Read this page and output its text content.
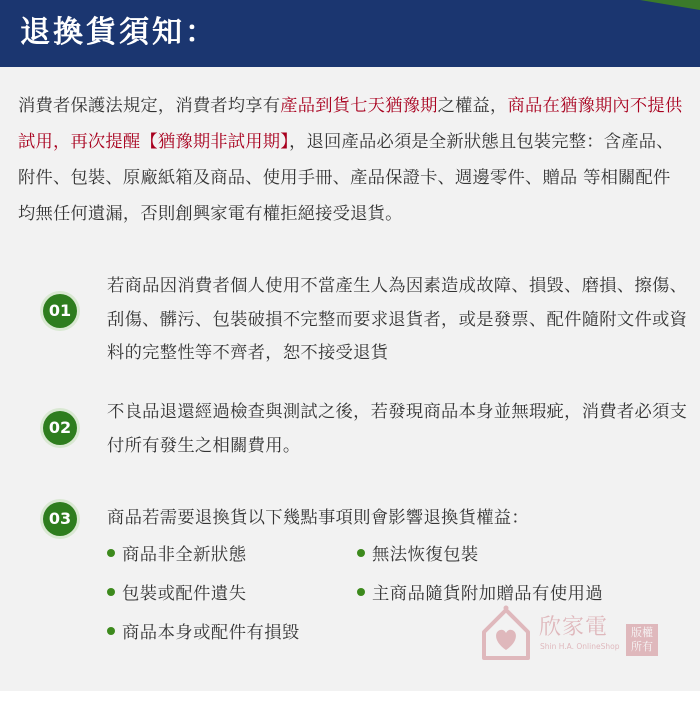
退換貨須知：
消費者保護法規定，消費者均享有產品到貨七天猶豫期之權益，商品在猶豫期內不提供試用，再次提醒【猶豫期非試用期】，退回產品必須是全新狀態且包裝完整：含產品、附件、包裝、原廠紙箱及商品、使用手冊、產品保證卡、週邊零件、贈品 等相關配件均無任何遺漏，否則創興家電有權拒絕接受退貨。
01
若商品因消費者個人使用不當產生人為因素造成故障、損毀、磨損、擦傷、刮傷、髒污、包裝破損不完整而要求退貨者，或是發票、配件隨附文件或資料的完整性等不齊者，恕不接受退貨
02
不良品退還經過檢查與測試之後，若發現商品本身並無瑕疵，消費者必須支付所有發生之相關費用。
03	商品若需要退換貨以下幾點事項則會影響退換貨權益：
商品非全新狀態	無法恢復包裝
包裝或配件遺失	主商品隨貨附加贈品有使用過
商品本身或配件有損毀	欣家電
Shin H.A. OnlineShop
版權所有
